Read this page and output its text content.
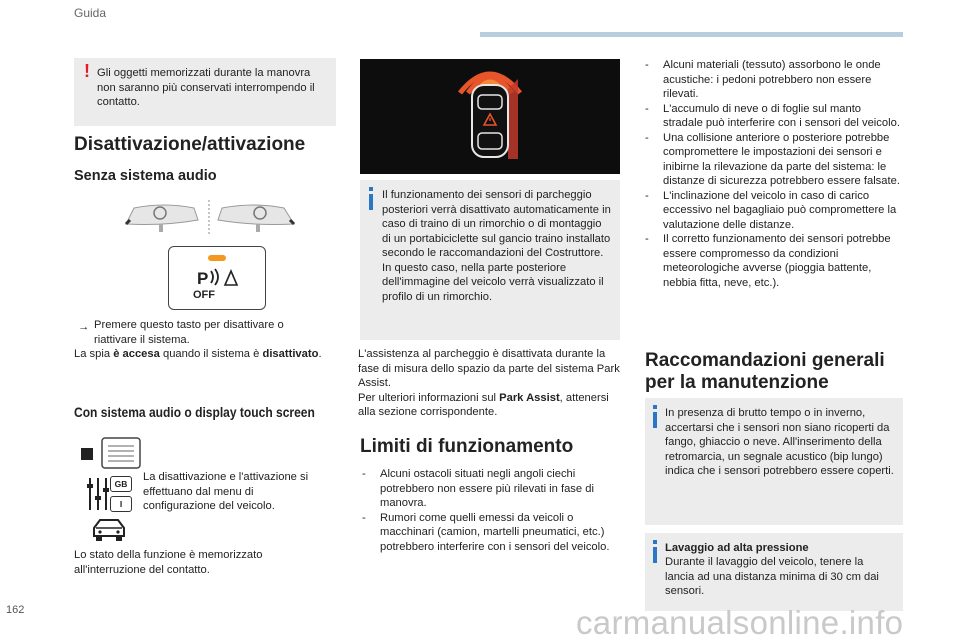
Guida
! Gli oggetti memorizzati durante la manovra non saranno più conservati interrompendo il contatto.
Disattivazione/attivazione
Senza sistema audio
P
OFF
→ Premere questo tasto per disattivare o riattivare il sistema.
La spia è accesa quando il sistema è disattivato.
Con sistema audio o display touch screen
GB
I
La disattivazione e l'attivazione si effettuano dal menu di configurazione del veicolo.
Lo stato della funzione è memorizzato all'interruzione del contatto.
Il funzionamento dei sensori di parcheggio posteriori verrà disattivato automaticamente in caso di traino di un rimorchio o di montaggio di un portabiciclette sul gancio traino installato secondo le raccomandazioni del Costruttore.
In questo caso, nella parte posteriore dell'immagine del veicolo verrà visualizzato il profilo di un rimorchio.
L'assistenza al parcheggio è disattivata durante la fase di misura dello spazio da parte del sistema Park Assist.
Per ulteriori informazioni sul Park Assist, attenersi alla sezione corrispondente.
Limiti di funzionamento
- Alcuni ostacoli situati negli angoli ciechi potrebbero non essere più rilevati in fase di manovra.
- Rumori come quelli emessi da veicoli o macchinari (camion, martelli pneumatici, etc.) potrebbero interferire con i sensori del veicolo.
- Alcuni materiali (tessuto) assorbono le onde acustiche: i pedoni potrebbero non essere rilevati.
- L'accumulo di neve o di foglie sul manto stradale può interferire con i sensori del veicolo.
- Una collisione anteriore o posteriore potrebbe compromettere le impostazioni dei sensori e inibirne la rilevazione da parte del sistema: le distanze di sicurezza potrebbero essere falsate.
- L'inclinazione del veicolo in caso di carico eccessivo nel bagagliaio può compromettere la valutazione delle distanze.
- Il corretto funzionamento dei sensori potrebbe essere compromesso da condizioni meteorologiche avverse (pioggia battente, nebbia fitta, neve, etc.).
Raccomandazioni generali per la manutenzione
In presenza di brutto tempo o in inverno, accertarsi che i sensori non siano ricoperti da fango, ghiaccio o neve. All'inserimento della retromarcia, un segnale acustico (bip lungo) indica che i sensori potrebbero essere coperti.
Lavaggio ad alta pressione
Durante il lavaggio del veicolo, tenere la lancia ad una distanza minima di 30 cm dai sensori.
162	carmanualsonline.info
